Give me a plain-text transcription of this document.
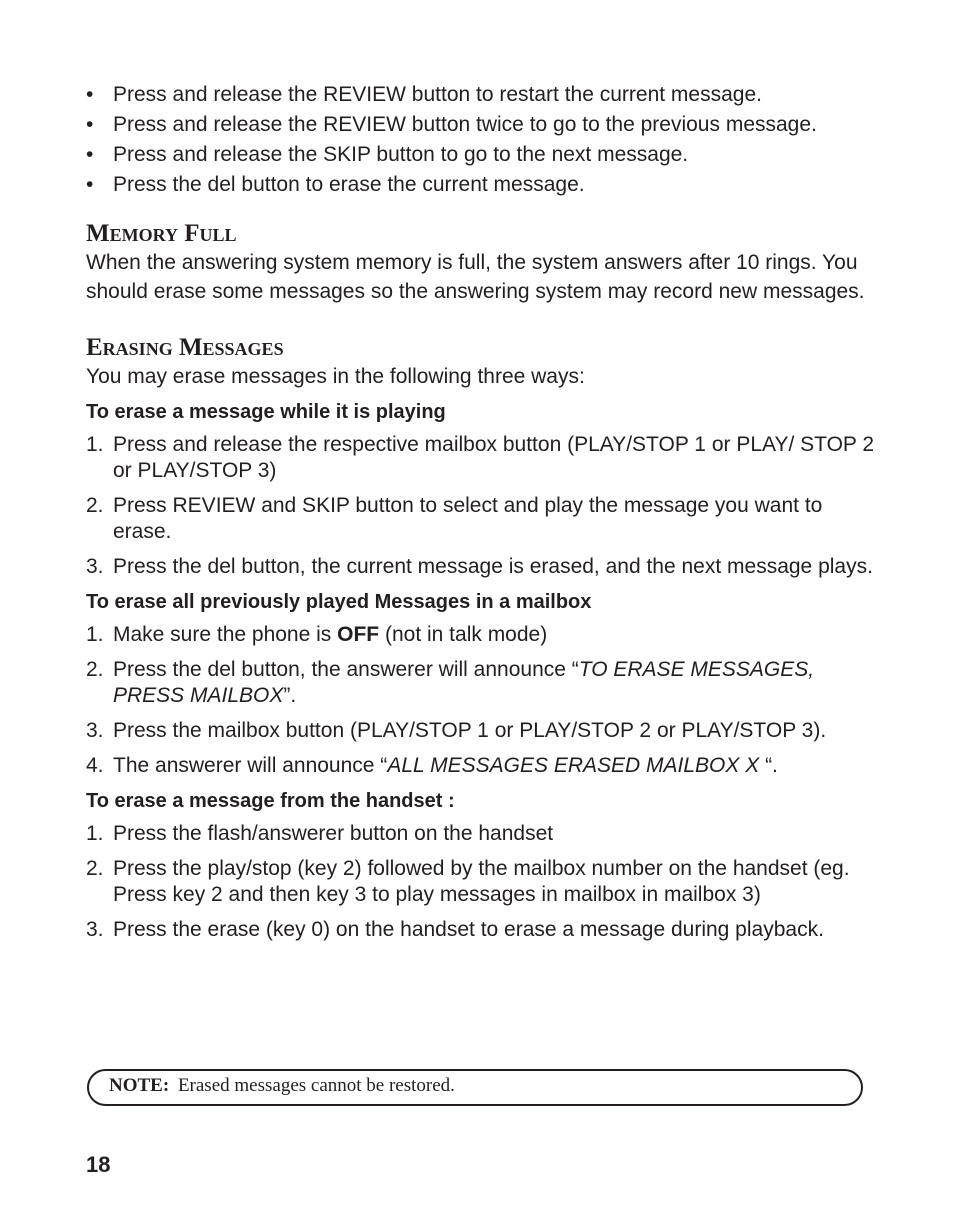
• Press and release the REVIEW button to restart the current message.
• Press and release the REVIEW button twice to go to the previous message.
• Press and release the SKIP button to go to the next message.
• Press the del button to erase the current message.
Memory Full

When the answering system memory is full, the system answers after 10 rings. You should erase some messages so the answering system may record new messages.

Erasing Messages

You may erase messages in the following three ways:

To erase a message while it is playing
1. Press and release the respective mailbox button (PLAY/STOP 1 or PLAY/ STOP 2 or PLAY/STOP 3)
2. Press REVIEW and SKIP button to select and play the message you want to erase.
3. Press the del button, the current message is erased, and the next message plays.
To erase all previously played Messages in a mailbox
1. Make sure the phone is OFF (not in talk mode)
2. Press the del button, the answerer will announce “TO ERASE MESSAGES, PRESS MAILBOX”.
3. Press the mailbox button (PLAY/STOP 1 or PLAY/STOP 2 or PLAY/STOP 3).
4. The answerer will announce “ALL MESSAGES ERASED MAILBOX X “.
To erase a message from the handset :
1. Press the flash/answerer button on the handset
2. Press the play/stop (key 2) followed by the mailbox number on the handset (eg. Press key 2 and then key 3 to play messages in mailbox in mailbox 3)
3. Press the erase (key 0) on the handset to erase a message during playback.
NOTE: Erased messages cannot be restored.
18
